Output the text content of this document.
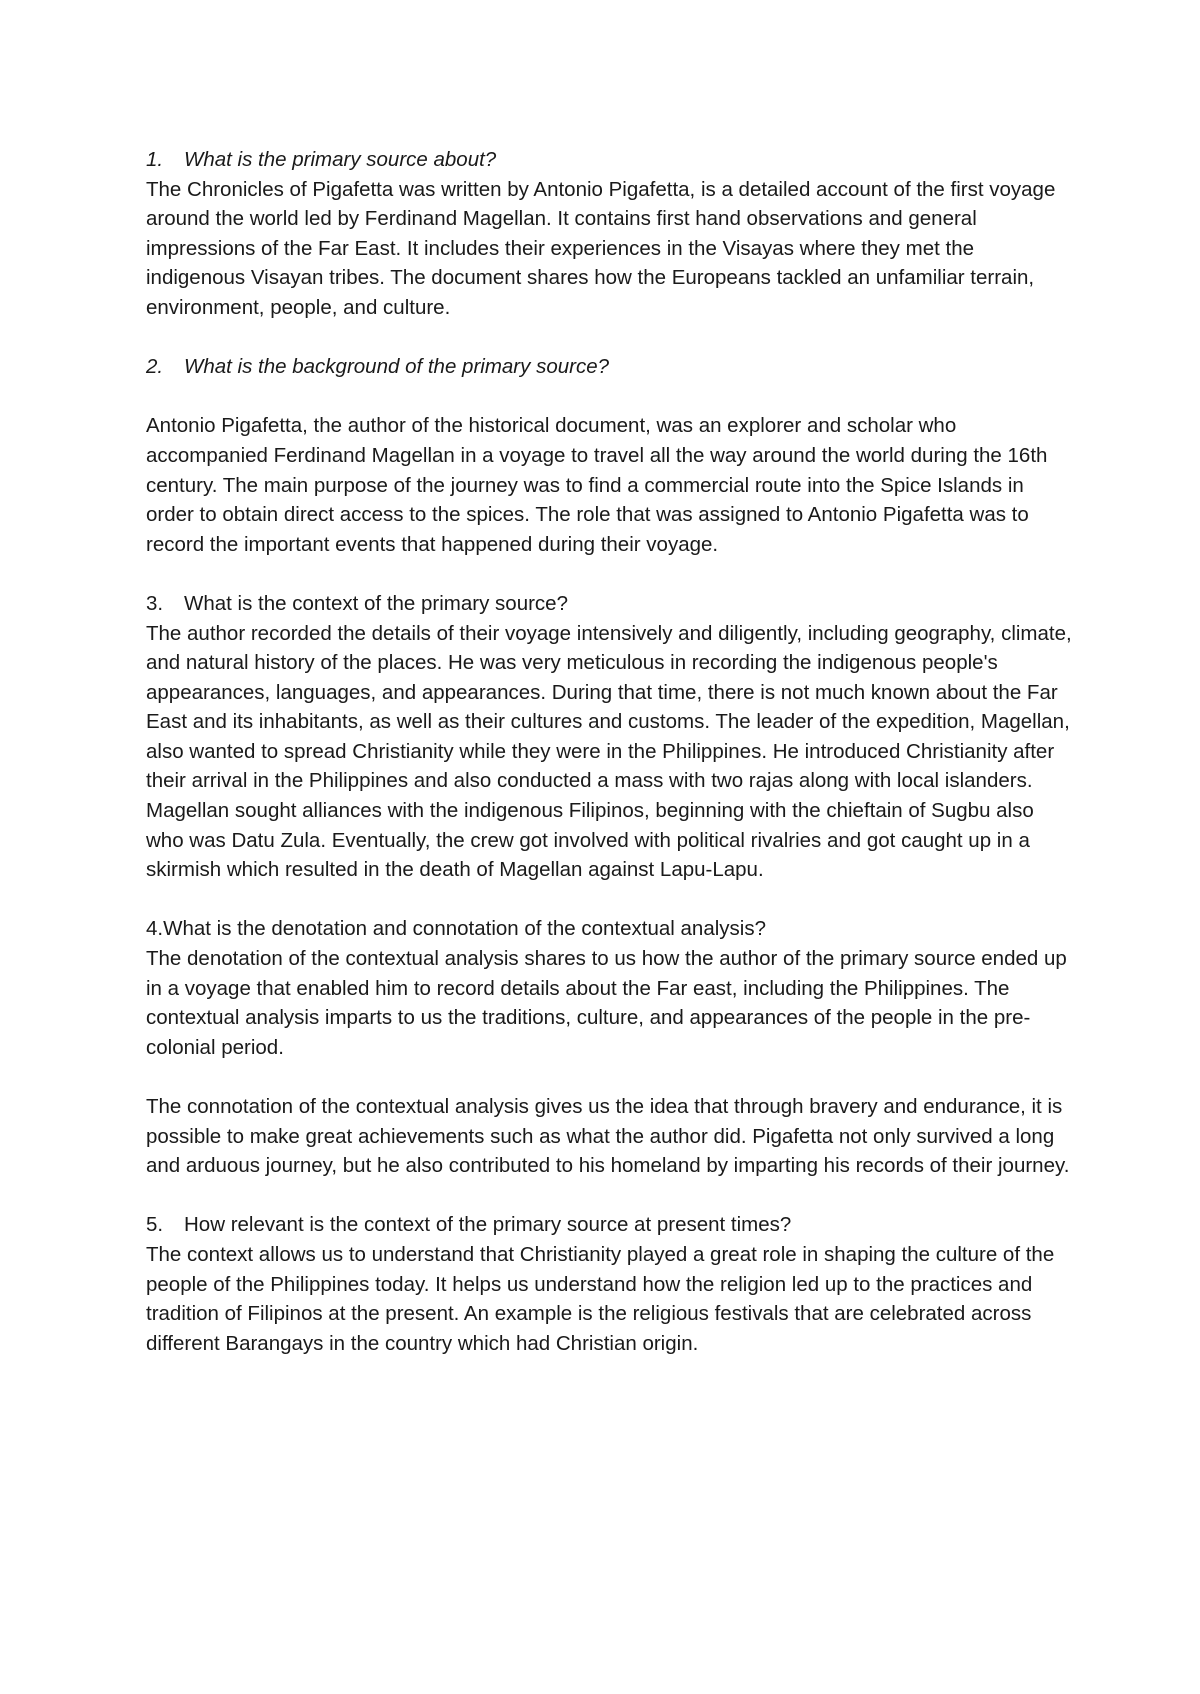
1. What is the primary source about?

The Chronicles of Pigafetta was written by Antonio Pigafetta, is a detailed account of the first voyage around the world led by Ferdinand Magellan. It contains first hand observations and general impressions of the Far East. It includes their experiences in the Visayas where they met the indigenous Visayan tribes. The document shares how the Europeans tackled an unfamiliar terrain, environment, people, and culture.

2. What is the background of the primary source?

Antonio Pigafetta, the author of the historical document, was an explorer and scholar who accompanied Ferdinand Magellan in a voyage to travel all the way around the world during the 16th century. The main purpose of the journey was to find a commercial route into the Spice Islands in order to obtain direct access to the spices. The role that was assigned to Antonio Pigafetta was to record the important events that happened during their voyage.

3. What is the context of the primary source?

The author recorded the details of their voyage intensively and diligently, including geography, climate, and natural history of the places. He was very meticulous in recording the indigenous people's appearances, languages, and appearances. During that time, there is not much known about the Far East and its inhabitants, as well as their cultures and customs. The leader of the expedition, Magellan, also wanted to spread Christianity while they were in the Philippines. He introduced Christianity after their arrival in the Philippines and also conducted a mass with two rajas along with local islanders. Magellan sought alliances with the indigenous Filipinos, beginning with the chieftain of Sugbu also who was Datu Zula. Eventually, the crew got involved with political rivalries and got caught up in a skirmish which resulted in the death of Magellan against Lapu-Lapu.

4.What is the denotation and connotation of the contextual analysis?

The denotation of the contextual analysis shares to us how the author of the primary source ended up in a voyage that enabled him to record details about the Far east, including the Philippines. The contextual analysis imparts to us the traditions, culture, and appearances of the people in the pre-colonial period.

The connotation of the contextual analysis gives us the idea that through bravery and endurance, it is possible to make great achievements such as what the author did. Pigafetta not only survived a long and arduous journey, but he also contributed to his homeland by imparting his records of their journey.

5. How relevant is the context of the primary source at present times?

The context allows us to understand that Christianity played a great role in shaping the culture of the people of the Philippines today. It helps us understand how the religion led up to the practices and tradition of Filipinos at the present. An example is the religious festivals that are celebrated across different Barangays in the country which had Christian origin.
